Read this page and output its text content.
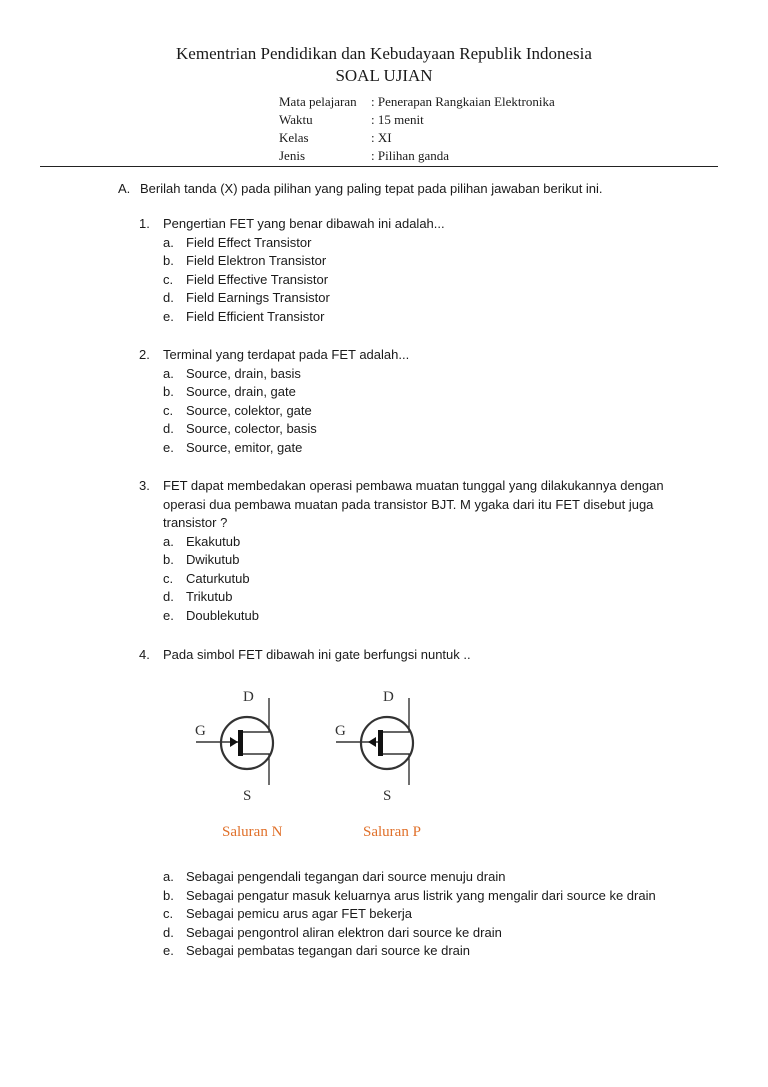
Kementrian Pendidikan dan Kebudayaan Republik Indonesia
SOAL UJIAN
Mata pelajaran	: Penerapan Rangkaian Elektronika
Waktu	: 15 menit
Kelas	: XI
Jenis	: Pilihan ganda
A. Berilah tanda (X) pada pilihan yang paling tepat pada pilihan jawaban berikut ini.
1.	Pengertian FET yang benar dibawah ini adalah...
a. Field Effect Transistor
b. Field Elektron Transistor
c. Field Effective Transistor
d. Field Earnings Transistor
e. Field Efficient Transistor
2.	Terminal yang terdapat pada FET adalah...
a. Source, drain, basis
b. Source, drain, gate
c. Source, colektor, gate
d. Source, colector, basis
e. Source, emitor, gate
3.	FET dapat membedakan operasi pembawa muatan tunggal yang dilakukannya dengan operasi dua pembawa muatan pada transistor BJT. M ygaka dari itu FET disebut juga transistor ?
a. Ekakutub
b. Dwikutub
c. Caturkutub
d. Trikutub
e. Doublekutub
4.	Pada simbol FET dibawah ini gate berfungsi nuntuk ..
D
G
S
Saluran N
D
G
S
Saluran P
a. Sebagai pengendali tegangan dari source menuju drain
b. Sebagai pengatur masuk keluarnya arus listrik yang mengalir dari source ke drain
c. Sebagai pemicu arus agar FET bekerja
d. Sebagai pengontrol aliran elektron dari source ke drain
e. Sebagai pembatas tegangan dari source ke drain
